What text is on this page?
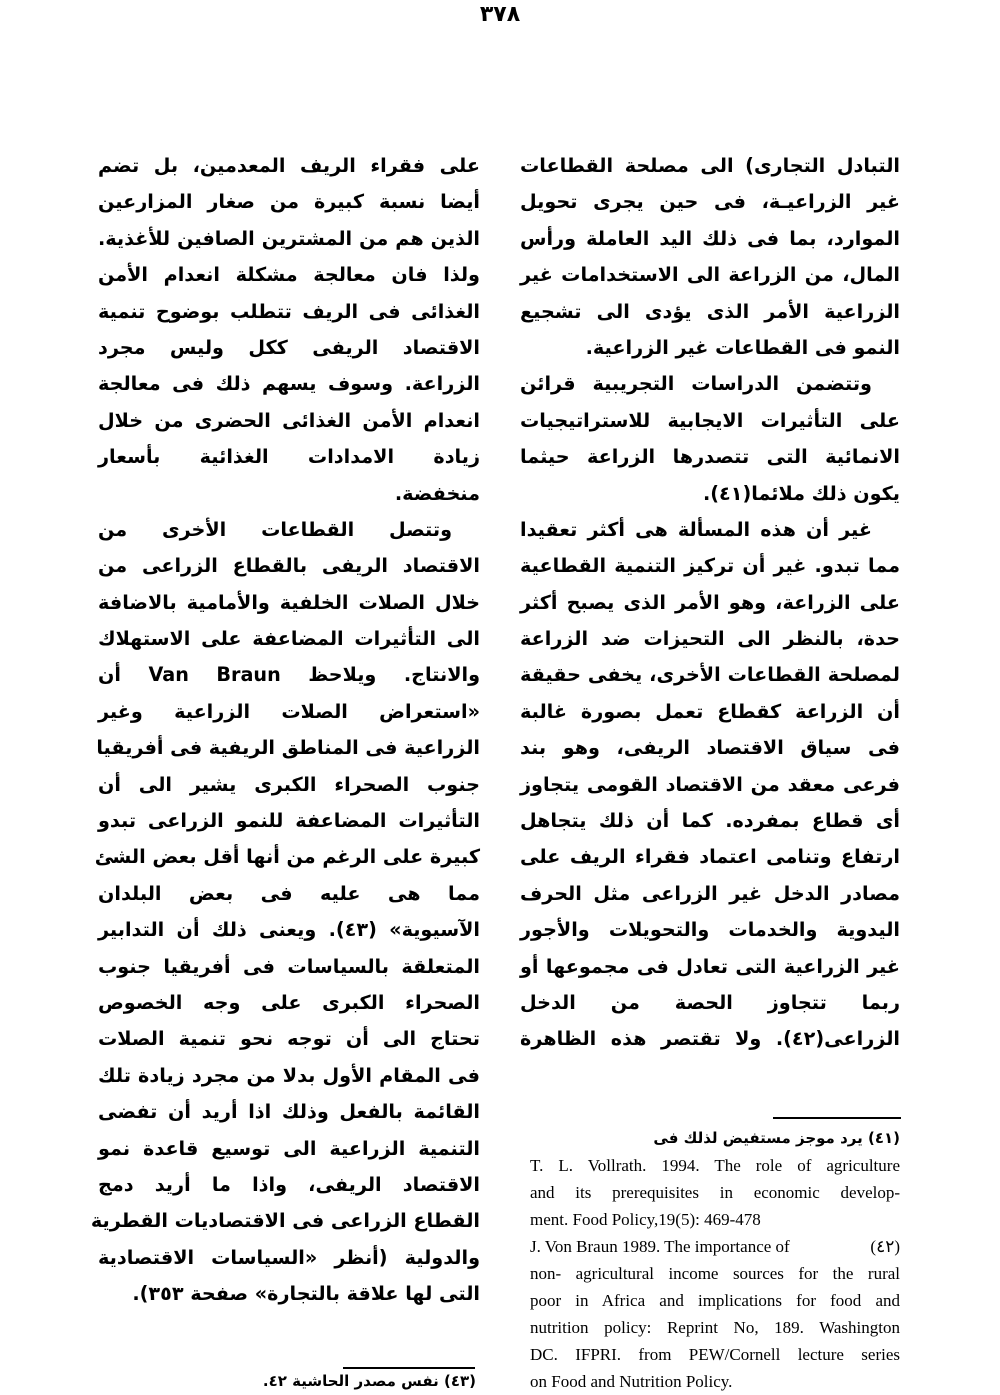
٣٧٨
التبادل التجارى) الى مصلحة القطاعات
غير الزراعيـة، فى حين يجرى تحويل
الموارد، بما فى ذلك اليد العاملة ورأس
المال، من الزراعة الى الاستخدامات غير
الزراعية الأمر الذى يؤدى الى تشجيع
النمو فى القطاعات غير الزراعية.
وتتضمن الدراسات التجريبية قرائن
على التأثيرات الايجابية للاستراتيجيات
الانمائية التى تتصدرها الزراعة حيثما
يكون ذلك ملائما(٤١).
غير أن هذه المسألة هى أكثر تعقيدا
مما تبدو. غير أن تركيز التنمية القطاعية
على الزراعة، وهو الأمر الذى يصبح أكثر
حدة، بالنظر الى التحيزات ضد الزراعة
لمصلحة القطاعات الأخرى، يخفى حقيقة
أن الزراعة كقطاع تعمل بصورة غالبة
فى سياق الاقتصاد الريفى، وهو بند
فرعى معقد من الاقتصاد القومى يتجاوز
أى قطاع بمفرده. كما أن ذلك يتجاهل
ارتفاع وتنامى اعتماد فقراء الريف على
مصادر الدخل غير الزراعى مثل الحرف
اليدوية والخدمات والتحويلات والأجور
غير الزراعية التى تعادل فى مجموعها أو
ربما تتجاوز الحصة من الدخل
الزراعى(٤٢). ولا تقتصر هذه الظاهرة
على فقراء الريف المعدمين، بل تضم
أيضا نسبة كبيرة من صغار المزارعين
الذين هم من المشترين الصافين للأغذية.
ولذا فان معالجة مشكلة انعدام الأمن
الغذائى فى الريف تتطلب بوضوح تنمية
الاقتصاد الريفى ككل وليس مجرد
الزراعة. وسوف يسهم ذلك فى معالجة
انعدام الأمن الغذائى الحضرى من خلال
زيادة الامدادات الغذائية بأسعار
منخفضة.
وتتصل القطاعات الأخرى من
الاقتصاد الريفى بالقطاع الزراعى من
خلال الصلات الخلفية والأمامية بالاضافة
الى التأثيرات المضاعفة على الاستهلاك
والانتاج. ويلاحظ Van Braun أن
«استعراض الصلات الزراعية وغير
الزراعية فى المناطق الريفية فى أفريقيا
جنوب الصحراء الكبرى يشير الى أن
التأثيرات المضاعفة للنمو الزراعى تبدو
كبيرة على الرغم من أنها أقل بعض الشئ
مما هى عليه فى بعض البلدان
الآسيوية» (٤٣). ويعنى ذلك أن التدابير
المتعلقة بالسياسات فى أفريقيا جنوب
الصحراء الكبرى على وجه الخصوص
تحتاج الى أن توجه نحو تنمية الصلات
فى المقام الأول بدلا من مجرد زيادة تلك
القائمة بالفعل وذلك اذا أريد أن تفضى
التنمية الزراعية الى توسيع قاعدة نمو
الاقتصاد الريفى، واذا ما أريد دمج
القطاع الزراعى فى الاقتصاديات القطرية
والدولية (أنظر «السياسات الاقتصادية
التى لها علاقة بالتجارة» صفحة ٣٥٣).
(٤١) يرد موجز مستفيض لذلك فى
T. L. Vollrath. 1994. The role of agriculture
and its prerequisites in economic develop-
ment. Food Policy,19(5): 469-478
J. Von Braun 1989. The importance of	(٤٢)
non- agricultural income sources for the rural
poor in Africa and implications for food and
nutrition policy: Reprint No, 189. Washington
DC. IFPRI. from PEW/Cornell lecture series
on Food and Nutrition Policy.
(٤٣) نفس مصدر الحاشية ٤٢.
